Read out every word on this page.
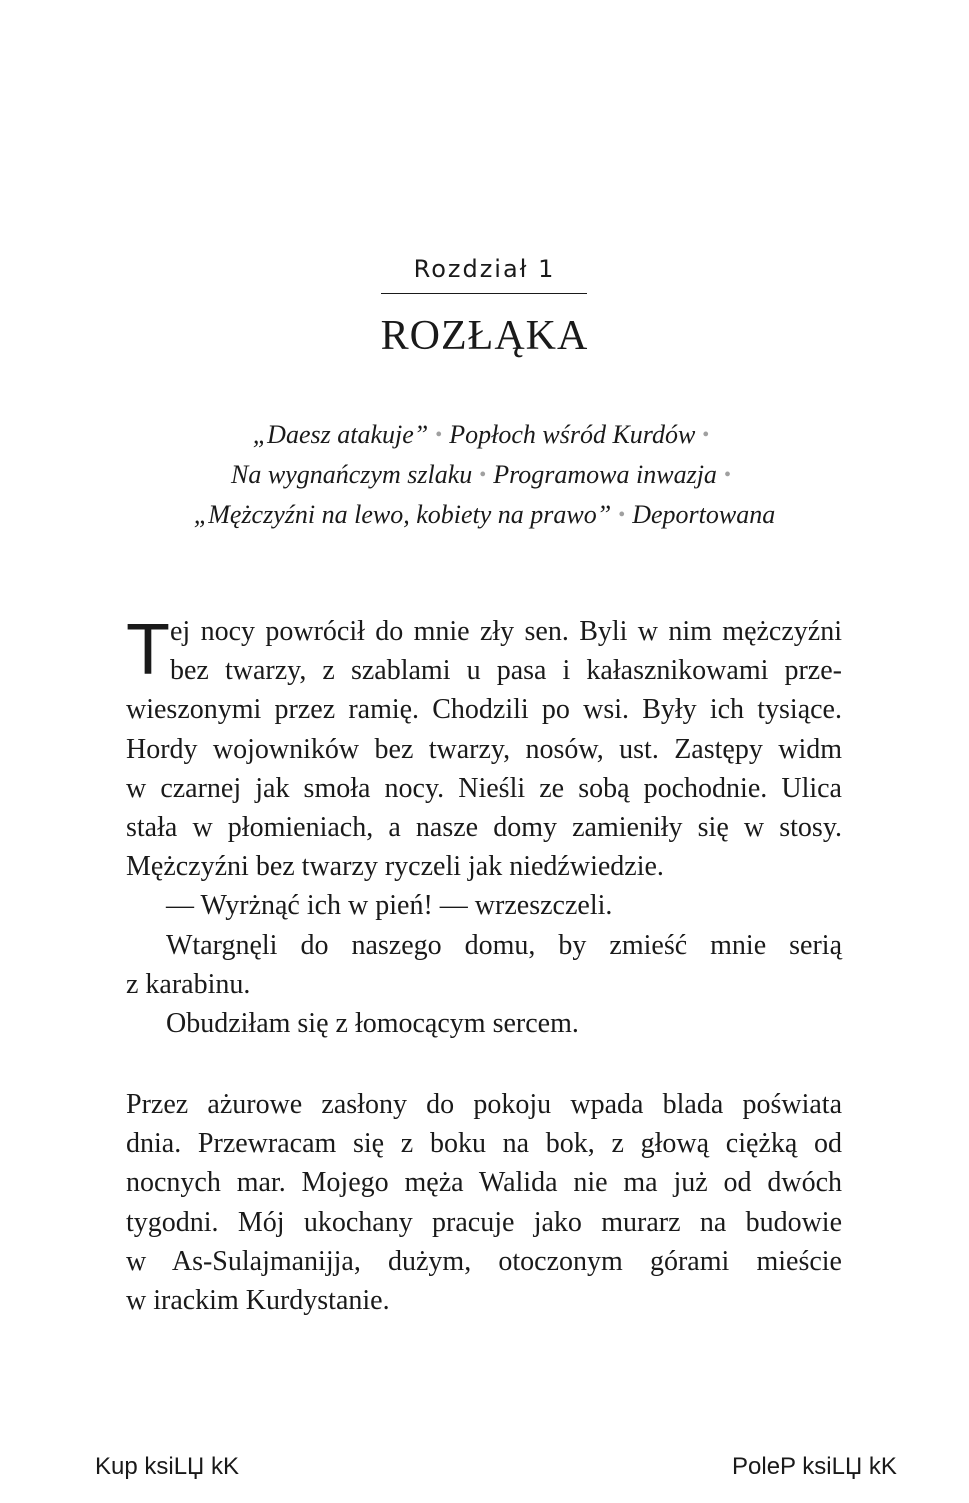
Rozdział 1
ROZŁĄKA
„Daesz atakuje” • Popłoch wśród Kurdów •
Na wygnańczym szlaku • Programowa inwazja •
„Mężczyźni na lewo, kobiety na prawo” • Deportowana
T ej nocy powrócił do mnie zły sen. Byli w nim mężczyźni
bez twarzy, z szablami u pasa i kałasznikowami prze-
wieszonymi przez ramię. Chodzili po wsi. Były ich tysiące.
Hordy wojowników bez twarzy, nosów, ust. Zastępy widm
w czarnej jak smoła nocy. Nieśli ze sobą pochodnie. Ulica
stała w płomieniach, a nasze domy zamieniły się w stosy.
Mężczyźni bez twarzy ryczeli jak niedźwiedzie.
— Wyrżnąć ich w pień! — wrzeszczeli.
Wtargnęli do naszego domu, by zmieść mnie serią
z karabinu.
Obudziłam się z łomocącym sercem.
Przez ażurowe zasłony do pokoju wpada blada poświata
dnia. Przewracam się z boku na bok, z głową ciężką od
nocnych mar. Mojego męża Walida nie ma już od dwóch
tygodni. Mój ukochany pracuje jako murarz na budowie
w As-Sulajmanijja, dużym, otoczonym górami mieście
w irackim Kurdystanie.
Kup ksiLЏ kK	PoleP ksiLЏ kK
